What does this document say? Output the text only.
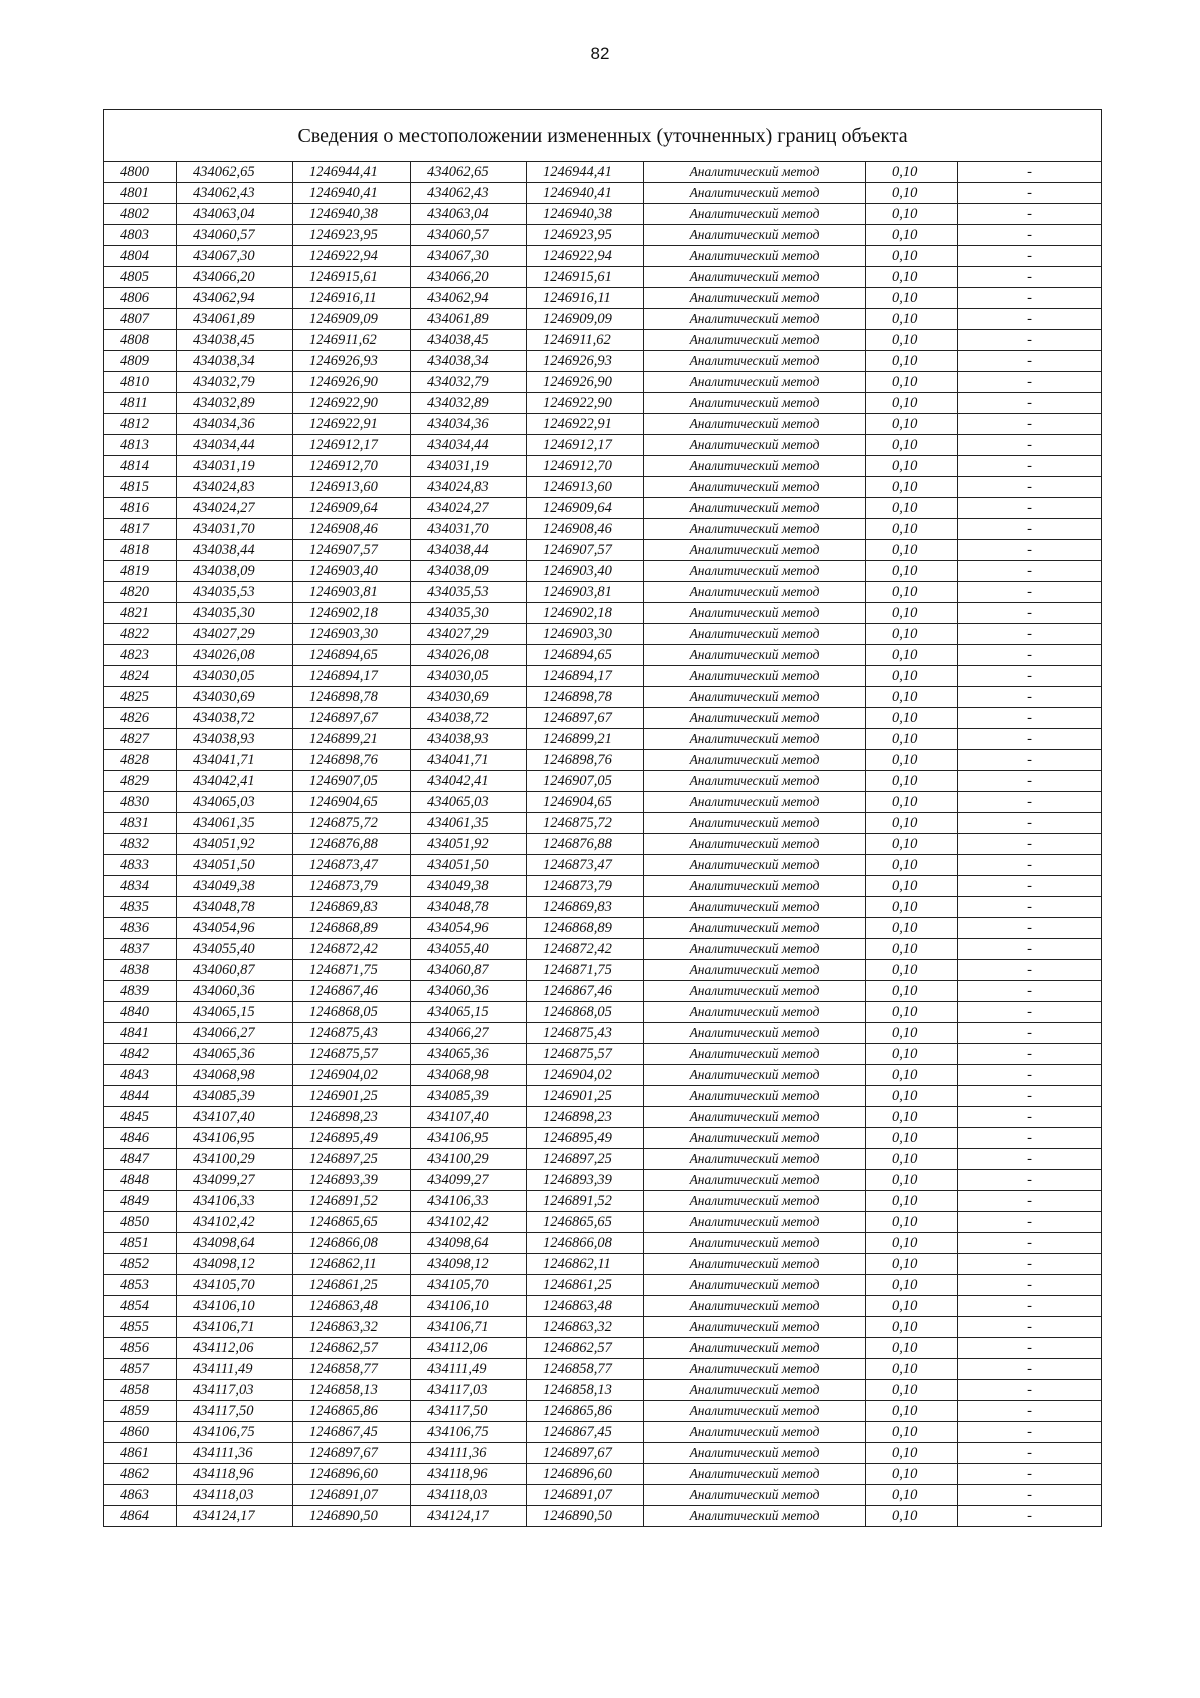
82
Сведения о местоположении измененных (уточненных) границ объекта							
4800	434062,65	1246944,41	434062,65	1246944,41	Аналитический метод	0,10	-
4801	434062,43	1246940,41	434062,43	1246940,41	Аналитический метод	0,10	-
4802	434063,04	1246940,38	434063,04	1246940,38	Аналитический метод	0,10	-
4803	434060,57	1246923,95	434060,57	1246923,95	Аналитический метод	0,10	-
4804	434067,30	1246922,94	434067,30	1246922,94	Аналитический метод	0,10	-
4805	434066,20	1246915,61	434066,20	1246915,61	Аналитический метод	0,10	-
4806	434062,94	1246916,11	434062,94	1246916,11	Аналитический метод	0,10	-
4807	434061,89	1246909,09	434061,89	1246909,09	Аналитический метод	0,10	-
4808	434038,45	1246911,62	434038,45	1246911,62	Аналитический метод	0,10	-
4809	434038,34	1246926,93	434038,34	1246926,93	Аналитический метод	0,10	-
4810	434032,79	1246926,90	434032,79	1246926,90	Аналитический метод	0,10	-
4811	434032,89	1246922,90	434032,89	1246922,90	Аналитический метод	0,10	-
4812	434034,36	1246922,91	434034,36	1246922,91	Аналитический метод	0,10	-
4813	434034,44	1246912,17	434034,44	1246912,17	Аналитический метод	0,10	-
4814	434031,19	1246912,70	434031,19	1246912,70	Аналитический метод	0,10	-
4815	434024,83	1246913,60	434024,83	1246913,60	Аналитический метод	0,10	-
4816	434024,27	1246909,64	434024,27	1246909,64	Аналитический метод	0,10	-
4817	434031,70	1246908,46	434031,70	1246908,46	Аналитический метод	0,10	-
4818	434038,44	1246907,57	434038,44	1246907,57	Аналитический метод	0,10	-
4819	434038,09	1246903,40	434038,09	1246903,40	Аналитический метод	0,10	-
4820	434035,53	1246903,81	434035,53	1246903,81	Аналитический метод	0,10	-
4821	434035,30	1246902,18	434035,30	1246902,18	Аналитический метод	0,10	-
4822	434027,29	1246903,30	434027,29	1246903,30	Аналитический метод	0,10	-
4823	434026,08	1246894,65	434026,08	1246894,65	Аналитический метод	0,10	-
4824	434030,05	1246894,17	434030,05	1246894,17	Аналитический метод	0,10	-
4825	434030,69	1246898,78	434030,69	1246898,78	Аналитический метод	0,10	-
4826	434038,72	1246897,67	434038,72	1246897,67	Аналитический метод	0,10	-
4827	434038,93	1246899,21	434038,93	1246899,21	Аналитический метод	0,10	-
4828	434041,71	1246898,76	434041,71	1246898,76	Аналитический метод	0,10	-
4829	434042,41	1246907,05	434042,41	1246907,05	Аналитический метод	0,10	-
4830	434065,03	1246904,65	434065,03	1246904,65	Аналитический метод	0,10	-
4831	434061,35	1246875,72	434061,35	1246875,72	Аналитический метод	0,10	-
4832	434051,92	1246876,88	434051,92	1246876,88	Аналитический метод	0,10	-
4833	434051,50	1246873,47	434051,50	1246873,47	Аналитический метод	0,10	-
4834	434049,38	1246873,79	434049,38	1246873,79	Аналитический метод	0,10	-
4835	434048,78	1246869,83	434048,78	1246869,83	Аналитический метод	0,10	-
4836	434054,96	1246868,89	434054,96	1246868,89	Аналитический метод	0,10	-
4837	434055,40	1246872,42	434055,40	1246872,42	Аналитический метод	0,10	-
4838	434060,87	1246871,75	434060,87	1246871,75	Аналитический метод	0,10	-
4839	434060,36	1246867,46	434060,36	1246867,46	Аналитический метод	0,10	-
4840	434065,15	1246868,05	434065,15	1246868,05	Аналитический метод	0,10	-
4841	434066,27	1246875,43	434066,27	1246875,43	Аналитический метод	0,10	-
4842	434065,36	1246875,57	434065,36	1246875,57	Аналитический метод	0,10	-
4843	434068,98	1246904,02	434068,98	1246904,02	Аналитический метод	0,10	-
4844	434085,39	1246901,25	434085,39	1246901,25	Аналитический метод	0,10	-
4845	434107,40	1246898,23	434107,40	1246898,23	Аналитический метод	0,10	-
4846	434106,95	1246895,49	434106,95	1246895,49	Аналитический метод	0,10	-
4847	434100,29	1246897,25	434100,29	1246897,25	Аналитический метод	0,10	-
4848	434099,27	1246893,39	434099,27	1246893,39	Аналитический метод	0,10	-
4849	434106,33	1246891,52	434106,33	1246891,52	Аналитический метод	0,10	-
4850	434102,42	1246865,65	434102,42	1246865,65	Аналитический метод	0,10	-
4851	434098,64	1246866,08	434098,64	1246866,08	Аналитический метод	0,10	-
4852	434098,12	1246862,11	434098,12	1246862,11	Аналитический метод	0,10	-
4853	434105,70	1246861,25	434105,70	1246861,25	Аналитический метод	0,10	-
4854	434106,10	1246863,48	434106,10	1246863,48	Аналитический метод	0,10	-
4855	434106,71	1246863,32	434106,71	1246863,32	Аналитический метод	0,10	-
4856	434112,06	1246862,57	434112,06	1246862,57	Аналитический метод	0,10	-
4857	434111,49	1246858,77	434111,49	1246858,77	Аналитический метод	0,10	-
4858	434117,03	1246858,13	434117,03	1246858,13	Аналитический метод	0,10	-
4859	434117,50	1246865,86	434117,50	1246865,86	Аналитический метод	0,10	-
4860	434106,75	1246867,45	434106,75	1246867,45	Аналитический метод	0,10	-
4861	434111,36	1246897,67	434111,36	1246897,67	Аналитический метод	0,10	-
4862	434118,96	1246896,60	434118,96	1246896,60	Аналитический метод	0,10	-
4863	434118,03	1246891,07	434118,03	1246891,07	Аналитический метод	0,10	-
4864	434124,17	1246890,50	434124,17	1246890,50	Аналитический метод	0,10	-
